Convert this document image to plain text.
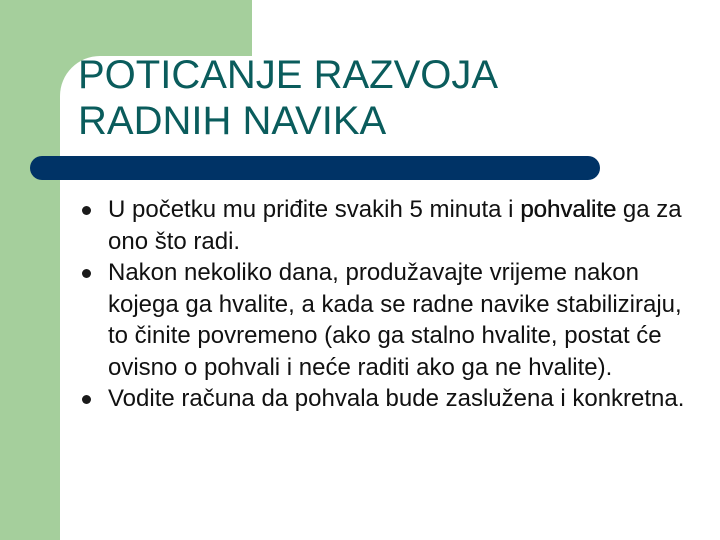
POTICANJE RAZVOJA
RADNIH NAVIKA
U početku mu priđite svakih 5 minuta i pohvalite ga za ono što radi.
Nakon nekoliko dana, produžavajte vrijeme nakon kojega ga hvalite, a kada se radne navike stabiliziraju, to činite povremeno (ako ga stalno hvalite, postat će ovisno o pohvali i neće raditi ako ga ne hvalite).
Vodite računa da pohvala bude zaslužena i konkretna.
